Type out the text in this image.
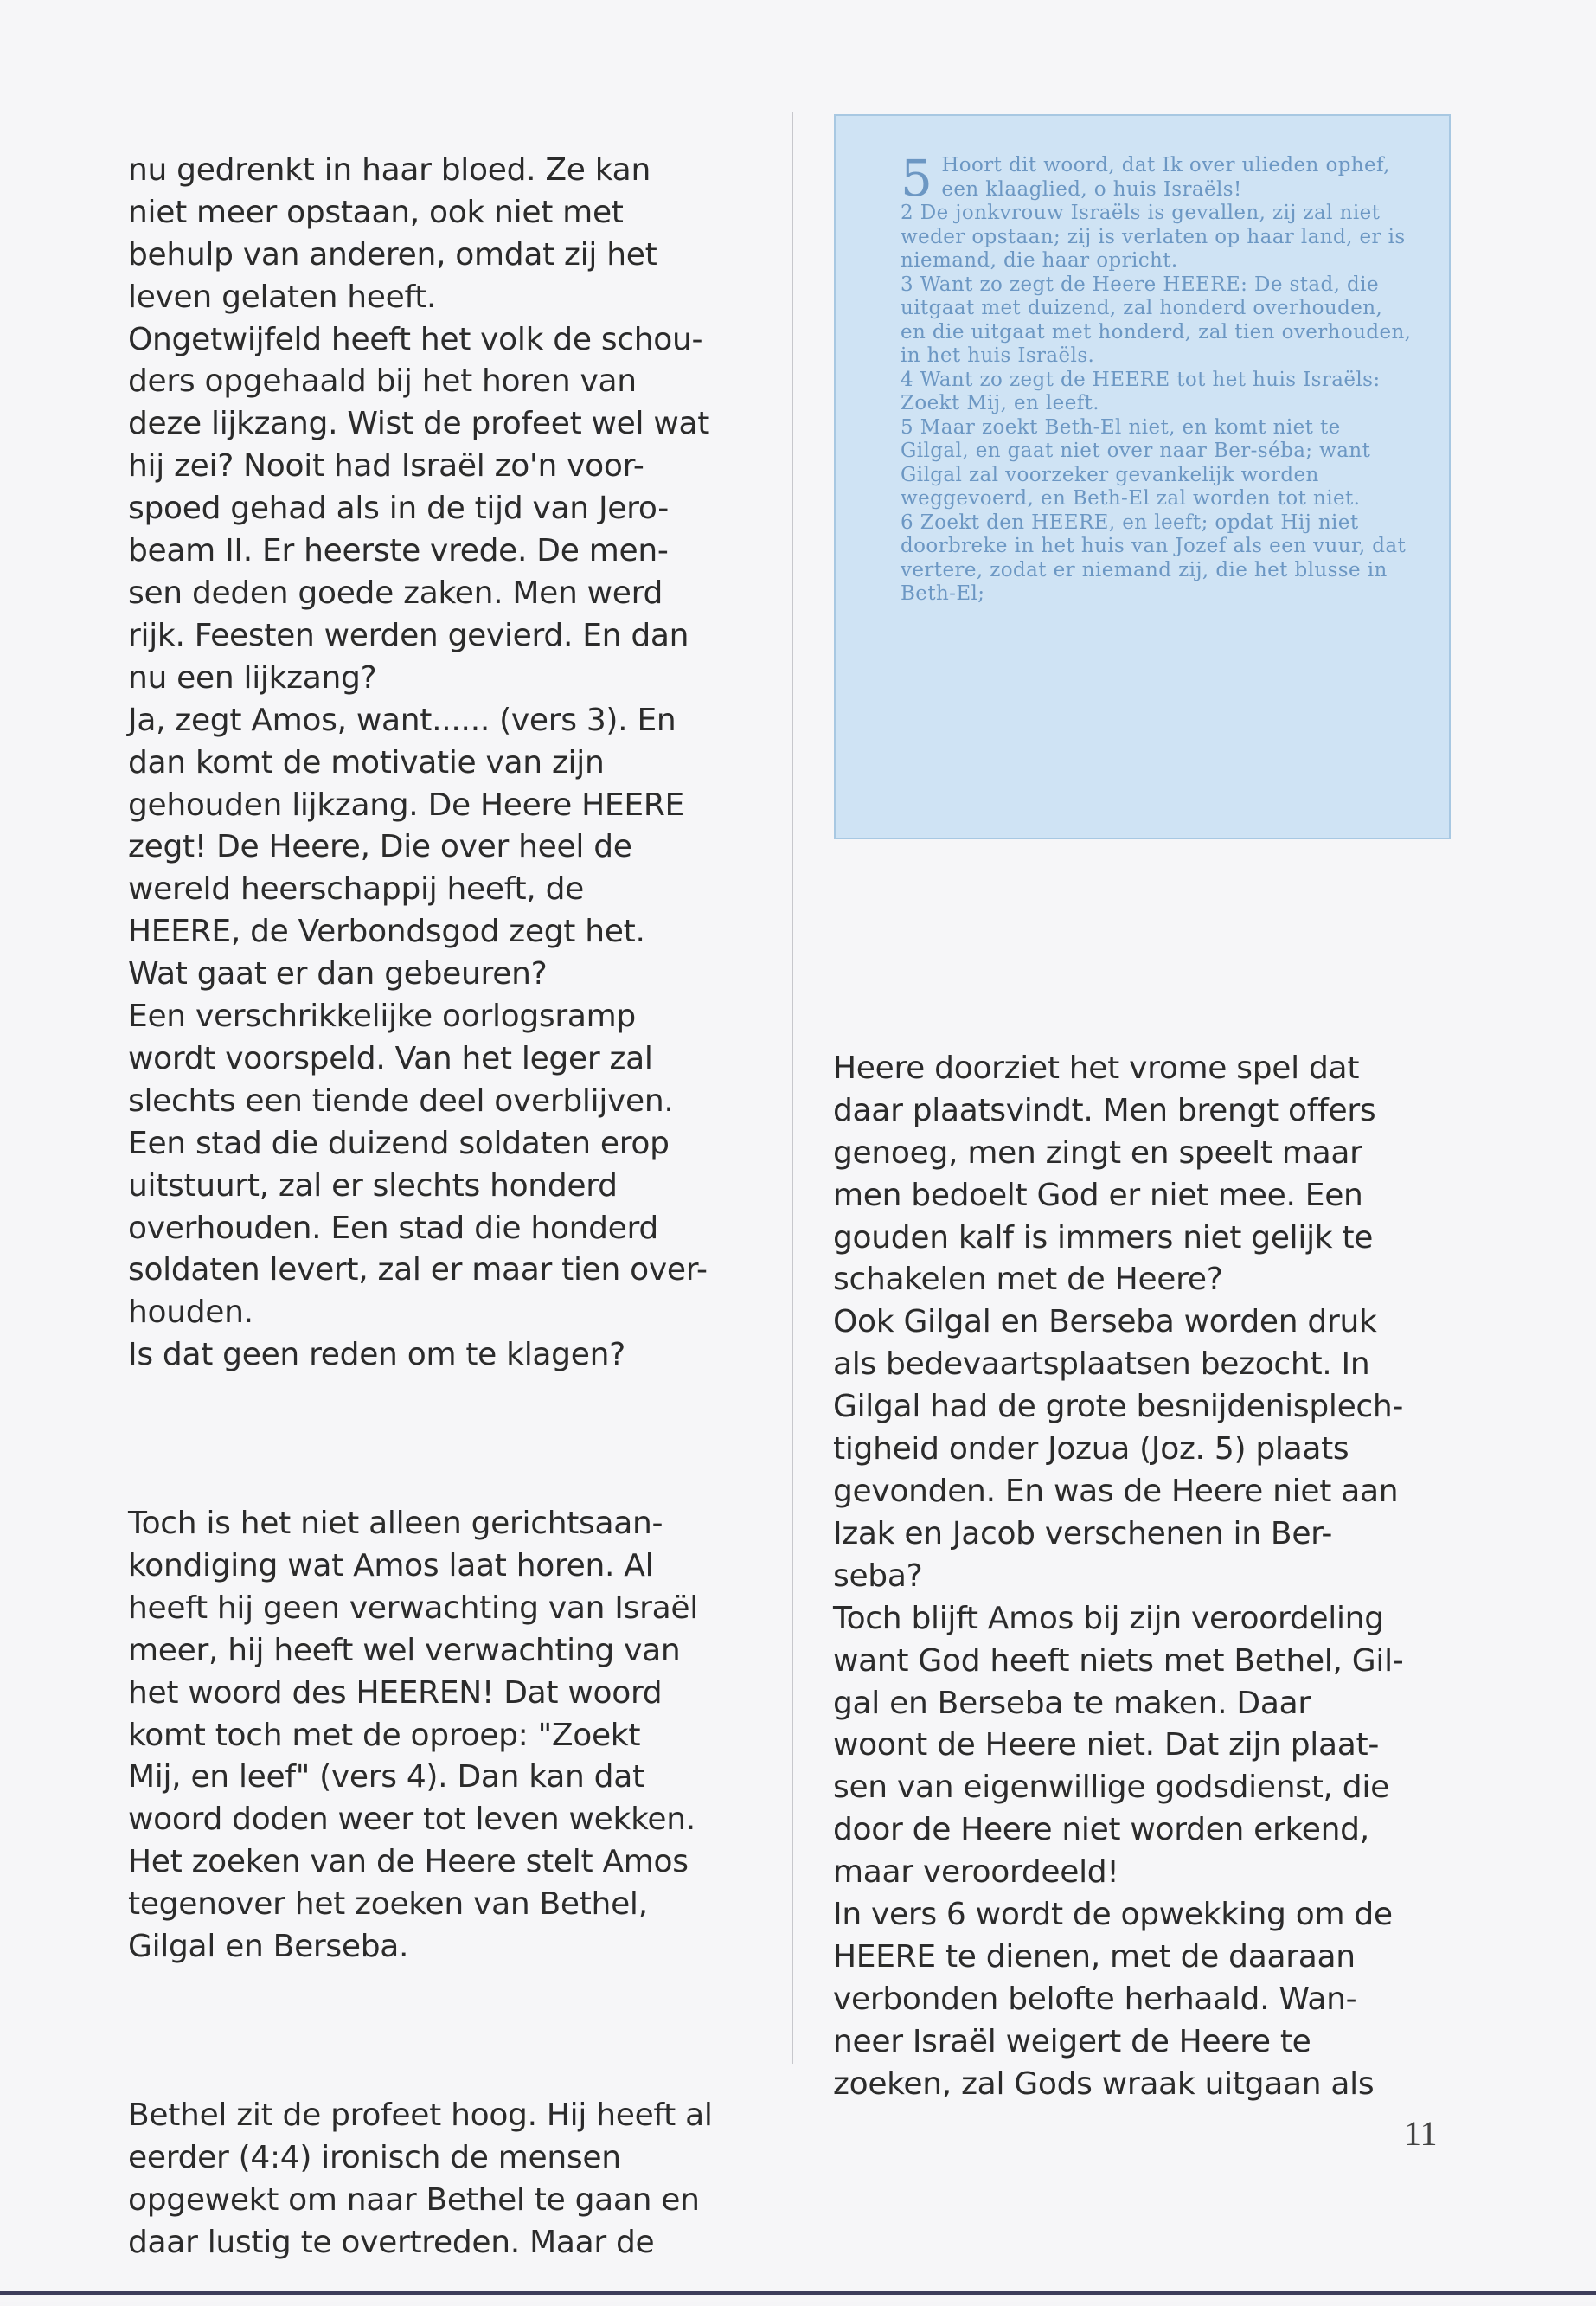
nu gedrenkt in haar bloed. Ze kan
niet meer opstaan, ook niet met
behulp van anderen, omdat zij het
leven gelaten heeft.
Ongetwijfeld heeft het volk de schou-
ders opgehaald bij het horen van
deze lijkzang. Wist de profeet wel wat
hij zei? Nooit had Israël zo'n voor-
spoed gehad als in de tijd van Jero-
beam II. Er heerste vrede. De men-
sen deden goede zaken. Men werd
rijk. Feesten werden gevierd. En dan
nu een lijkzang?
Ja, zegt Amos, want...... (vers 3). En
dan komt de motivatie van zijn
gehouden lijkzang. De Heere HEERE
zegt! De Heere, Die over heel de
wereld heerschappij heeft, de
HEERE, de Verbondsgod zegt het.
Wat gaat er dan gebeuren?
Een verschrikkelijke oorlogsramp
wordt voorspeld. Van het leger zal
slechts een tiende deel overblijven.
Een stad die duizend soldaten erop
uitstuurt, zal er slechts honderd
overhouden. Een stad die honderd
soldaten levert, zal er maar tien over-
houden.
Is dat geen reden om te klagen?

Toch is het niet alleen gerichtsaan-
kondiging wat Amos laat horen. Al
heeft hij geen verwachting van Israël
meer, hij heeft wel verwachting van
het woord des HEEREN! Dat woord
komt toch met de oproep: "Zoekt
Mij, en leef" (vers 4). Dan kan dat
woord doden weer tot leven wekken.
Het zoeken van de Heere stelt Amos
tegenover het zoeken van Bethel,
Gilgal en Berseba.

Bethel zit de profeet hoog. Hij heeft al
eerder (4:4) ironisch de mensen
opgewekt om naar Bethel te gaan en
daar lustig te overtreden. Maar de

5 Hoort dit woord, dat Ik over ulieden ophef, een klaaglied, o huis Israëls!

2 De jonkvrouw Israëls is gevallen, zij zal niet weder opstaan; zij is verlaten op haar land, er is niemand, die haar opricht.

3 Want zo zegt de Heere HEERE: De stad, die uitgaat met duizend, zal honderd overhouden, en die uitgaat met honderd, zal tien overhouden, in het huis Israëls.

4 Want zo zegt de HEERE tot het huis Israëls: Zoekt Mij, en leeft.

5 Maar zoekt Beth-El niet, en komt niet te Gilgal, en gaat niet over naar Ber-séba; want Gilgal zal voorzeker gevankelijk worden weggevoerd, en Beth-El zal worden tot niet.

6 Zoekt den HEERE, en leeft; opdat Hij niet doorbreke in het huis van Jozef als een vuur, dat vertere, zodat er niemand zij, die het blusse in Beth-El;

Heere doorziet het vrome spel dat
daar plaatsvindt. Men brengt offers
genoeg, men zingt en speelt maar
men bedoelt God er niet mee. Een
gouden kalf is immers niet gelijk te
schakelen met de Heere?
Ook Gilgal en Berseba worden druk
als bedevaartsplaatsen bezocht. In
Gilgal had de grote besnijdenisplech-
tigheid onder Jozua (Joz. 5) plaats
gevonden. En was de Heere niet aan
Izak en Jacob verschenen in Ber-
seba?
Toch blijft Amos bij zijn veroordeling
want God heeft niets met Bethel, Gil-
gal en Berseba te maken. Daar
woont de Heere niet. Dat zijn plaat-
sen van eigenwillige godsdienst, die
door de Heere niet worden erkend,
maar veroordeeld!
In vers 6 wordt de opwekking om de
HEERE te dienen, met de daaraan
verbonden belofte herhaald. Wan-
neer Israël weigert de Heere te
zoeken, zal Gods wraak uitgaan als

11
